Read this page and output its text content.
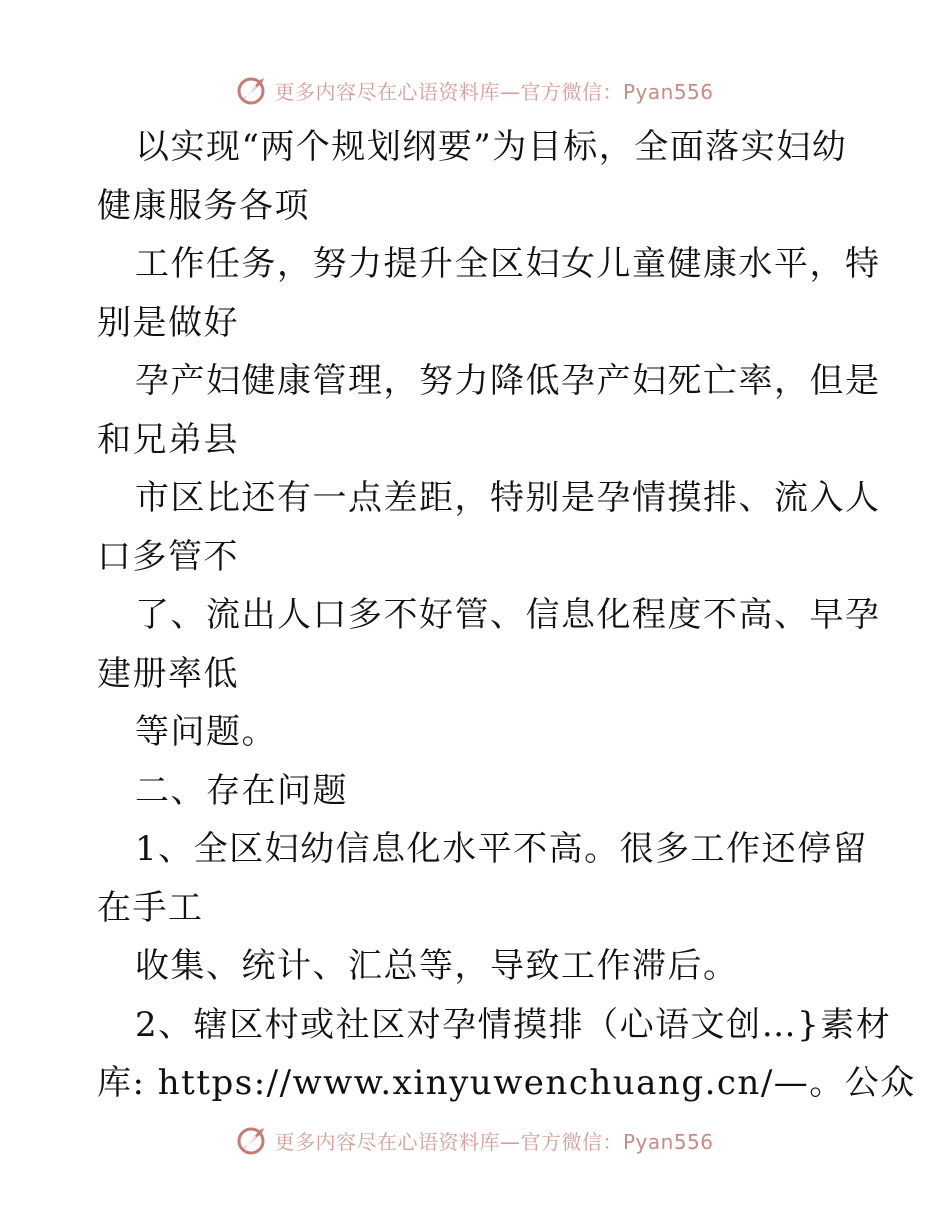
更多内容尽在心语资料库—官方微信：Pyan556
以实现“两个规划纲要”为目标，全面落实妇幼
健康服务各项
工作任务，努力提升全区妇女儿童健康水平，特
别是做好
孕产妇健康管理，努力降低孕产妇死亡率，但是
和兄弟县
市区比还有一点差距，特别是孕情摸排、流入人
口多管不
了、流出人口多不好管、信息化程度不高、早孕
建册率低
等问题。
二、存在问题
1、全区妇幼信息化水平不高。很多工作还停留
在手工
收集、统计、汇总等，导致工作滞后。
2、辖区村或社区对孕情摸排（心语文创…}素材
库: https://www.xinyuwenchuang.cn/—。公众
更多内容尽在心语资料库—官方微信：Pyan556
